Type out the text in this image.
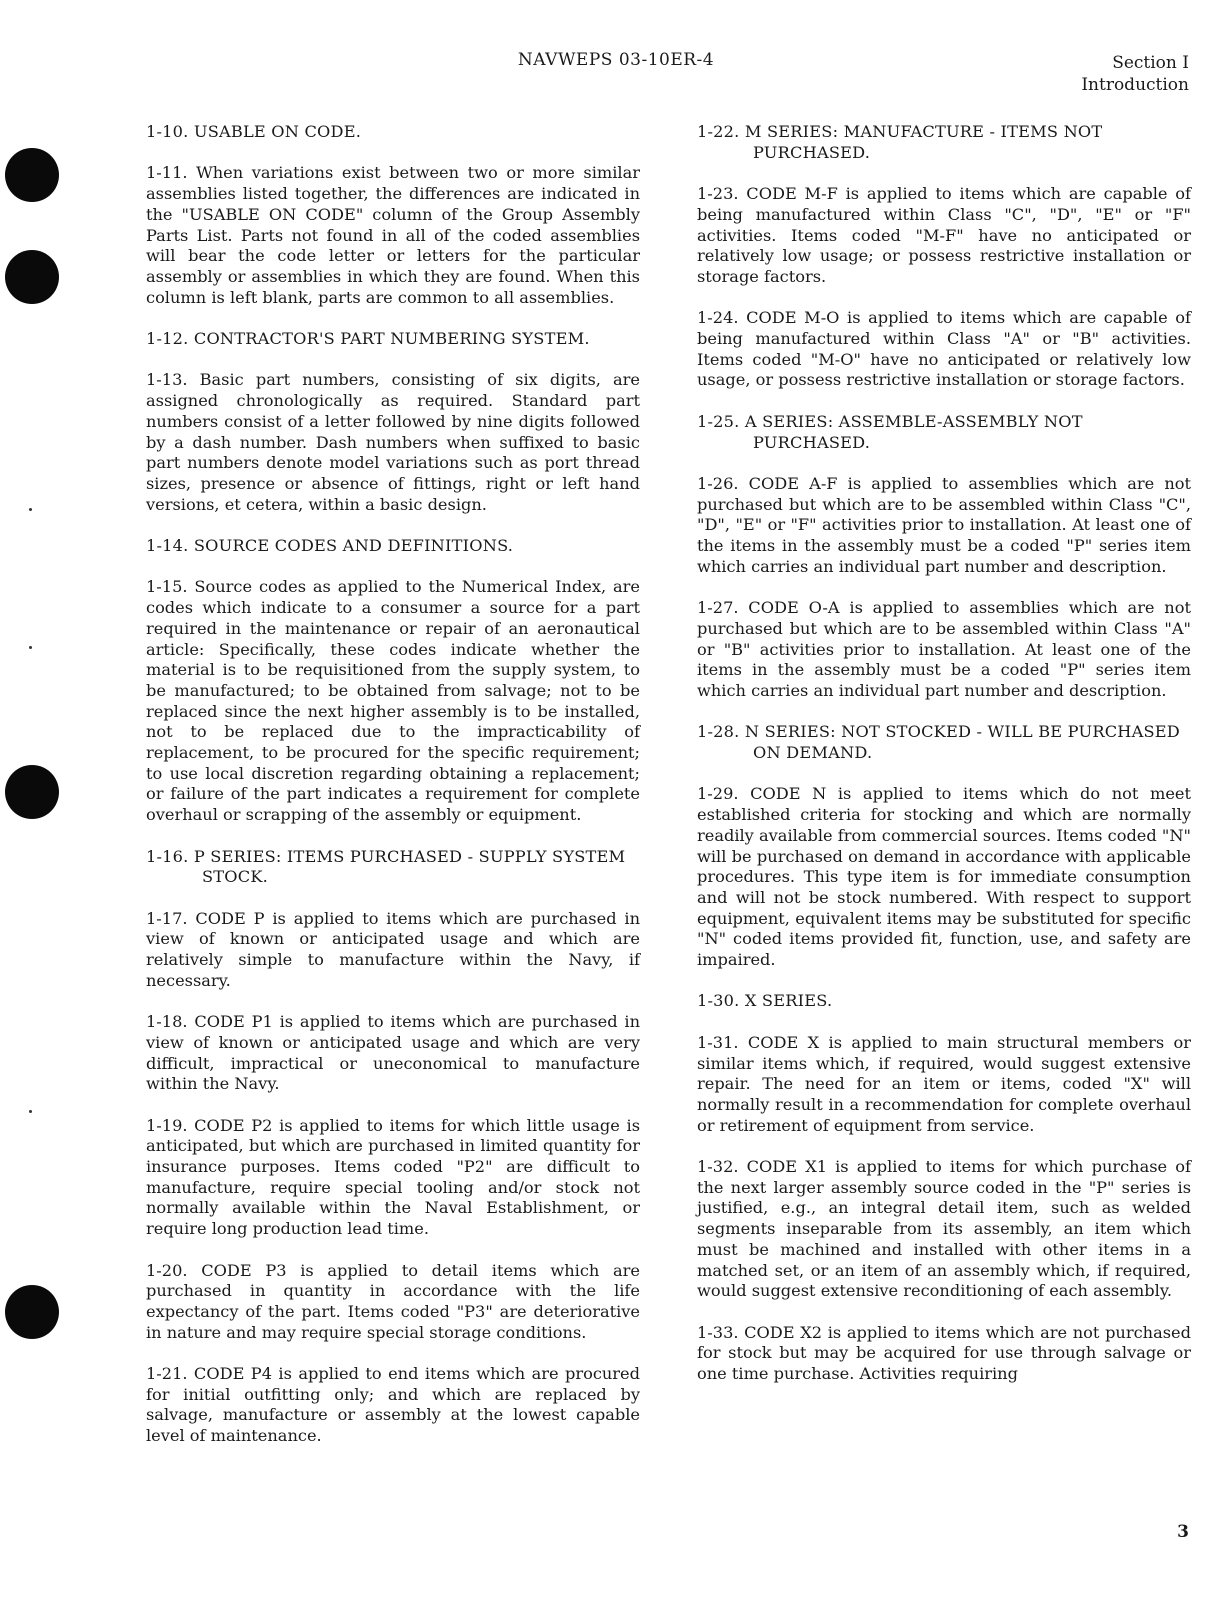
NAVWEPS 03-10ER-4	Section I
Introduction
1-10. USABLE ON CODE.

1-11. When variations exist between two or more similar assemblies listed together, the differences are indicated in the "USABLE ON CODE" column of the Group Assembly Parts List. Parts not found in all of the coded assemblies will bear the code letter or letters for the particular assembly or assemblies in which they are found. When this column is left blank, parts are common to all assemblies.

1-12. CONTRACTOR'S PART NUMBERING SYSTEM.

1-13. Basic part numbers, consisting of six digits, are assigned chronologically as required. Standard part numbers consist of a letter followed by nine digits followed by a dash number. Dash numbers when suffixed to basic part numbers denote model variations such as port thread sizes, presence or absence of fittings, right or left hand versions, et cetera, within a basic design.

1-14. SOURCE CODES AND DEFINITIONS.

1-15. Source codes as applied to the Numerical Index, are codes which indicate to a consumer a source for a part required in the maintenance or repair of an aeronautical article: Specifically, these codes indicate whether the material is to be requisitioned from the supply system, to be manufactured; to be obtained from salvage; not to be replaced since the next higher assembly is to be installed, not to be replaced due to the impracticability of replacement, to be procured for the specific requirement; to use local discretion regarding obtaining a replacement; or failure of the part indicates a requirement for complete overhaul or scrapping of the assembly or equipment.

1-16. P SERIES: ITEMS PURCHASED - SUPPLY SYSTEM STOCK.

1-17. CODE P is applied to items which are purchased in view of known or anticipated usage and which are relatively simple to manufacture within the Navy, if necessary.

1-18. CODE P1 is applied to items which are purchased in view of known or anticipated usage and which are very difficult, impractical or uneconomical to manufacture within the Navy.

1-19. CODE P2 is applied to items for which little usage is anticipated, but which are purchased in limited quantity for insurance purposes. Items coded "P2" are difficult to manufacture, require special tooling and/or stock not normally available within the Naval Establishment, or require long production lead time.

1-20. CODE P3 is applied to detail items which are purchased in quantity in accordance with the life expectancy of the part. Items coded "P3" are deteriorative in nature and may require special storage conditions.

1-21. CODE P4 is applied to end items which are procured for initial outfitting only; and which are replaced by salvage, manufacture or assembly at the lowest capable level of maintenance.

1-22. M SERIES: MANUFACTURE - ITEMS NOT PURCHASED.

1-23. CODE M-F is applied to items which are capable of being manufactured within Class "C", "D", "E" or "F" activities. Items coded "M-F" have no anticipated or relatively low usage; or possess restrictive installation or storage factors.

1-24. CODE M-O is applied to items which are capable of being manufactured within Class "A" or "B" activities. Items coded "M-O" have no anticipated or relatively low usage, or possess restrictive installation or storage factors.

1-25. A SERIES: ASSEMBLE-ASSEMBLY NOT PURCHASED.

1-26. CODE A-F is applied to assemblies which are not purchased but which are to be assembled within Class "C", "D", "E" or "F" activities prior to installation. At least one of the items in the assembly must be a coded "P" series item which carries an individual part number and description.

1-27. CODE O-A is applied to assemblies which are not purchased but which are to be assembled within Class "A" or "B" activities prior to installation. At least one of the items in the assembly must be a coded "P" series item which carries an individual part number and description.

1-28. N SERIES: NOT STOCKED - WILL BE PURCHASED ON DEMAND.

1-29. CODE N is applied to items which do not meet established criteria for stocking and which are normally readily available from commercial sources. Items coded "N" will be purchased on demand in accordance with applicable procedures. This type item is for immediate consumption and will not be stock numbered. With respect to support equipment, equivalent items may be substituted for specific "N" coded items provided fit, function, use, and safety are impaired.

1-30. X SERIES.

1-31. CODE X is applied to main structural members or similar items which, if required, would suggest extensive repair. The need for an item or items, coded "X" will normally result in a recommendation for complete overhaul or retirement of equipment from service.

1-32. CODE X1 is applied to items for which purchase of the next larger assembly source coded in the "P" series is justified, e.g., an integral detail item, such as welded segments inseparable from its assembly, an item which must be machined and installed with other items in a matched set, or an item of an assembly which, if required, would suggest extensive reconditioning of each assembly.

1-33. CODE X2 is applied to items which are not purchased for stock but may be acquired for use through salvage or one time purchase. Activities requiring

3
